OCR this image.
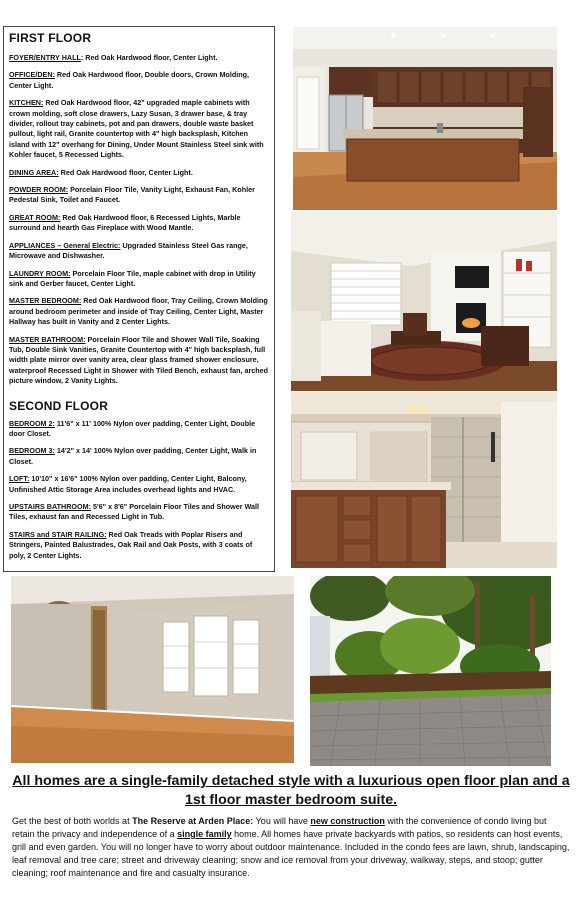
FIRST FLOOR

FOYER/ENTRY HALL: Red Oak Hardwood floor, Center Light.

OFFICE/DEN: Red Oak Hardwood floor, Double doors, Crown Molding, Center Light.

KITCHEN: Red Oak Hardwood floor, 42" upgraded maple cabinets with crown molding, soft close drawers, Lazy Susan, 3 drawer base, & tray divider, rollout tray cabinets, pot and pan drawers, double waste basket pullout, light rail, Granite countertop with 4" high backsplash, Kitchen island with 12" overhang for Dining, Under Mount Stainless Steel sink with Kohler faucet, 5 Recessed Lights.

DINING AREA: Red Oak Hardwood floor, Center Light.

POWDER ROOM: Porcelain Floor Tile, Vanity Light, Exhaust Fan, Kohler Pedestal Sink, Toilet and Faucet.

GREAT ROOM: Red Oak Hardwood floor, 6 Recessed Lights, Marble surround and hearth Gas Fireplace with Wood Mantle.

APPLIANCES – General Electric: Upgraded Stainless Steel Gas range, Microwave and Dishwasher.

LAUNDRY ROOM: Porcelain Floor Tile, maple cabinet with drop in Utility sink and Gerber faucet, Center Light.

MASTER BEDROOM: Red Oak Hardwood floor, Tray Ceiling, Crown Molding around bedroom perimeter and inside of Tray Ceiling, Center Light, Master Hallway has built in Vanity and 2 Center Lights.

MASTER BATHROOM: Porcelain Floor Tile and Shower Wall Tile, Soaking Tub, Double Sink Vanities, Granite Countertop with 4" high backsplash, full width plate mirror over vanity area, clear glass framed shower enclosure, waterproof Recessed Light in Shower with Tiled Bench, exhaust fan, arched picture window, 2 Vanity Lights.

SECOND FLOOR

BEDROOM 2: 11'6" x 11' 100% Nylon over padding, Center Light, Double door Closet.

BEDROOM 3: 14'2" x 14' 100% Nylon over padding, Center Light, Walk in Closet.

LOFT: 10'10" x 16'6" 100% Nylon over padding, Center Light, Balcony, Unfinished Attic Storage Area includes overhead lights and HVAC.

UPSTAIRS BATHROOM: 5'6" x 8'6" Porcelain Floor Tiles and Shower Wall Tiles, exhaust fan and Recessed Light in Tub.

STAIRS and STAIR RAILING: Red Oak Treads with Poplar Risers and Stringers, Painted Balustrades, Oak Rail and Oak Posts, with 3 coats of poly, 2 Center Lights.

All homes are a single-family detached style with a luxurious open floor plan and a
1st floor master bedroom suite.
Get the best of both worlds at The Reserve at Arden Place: You will have new construction with the convenience of condo living but retain the privacy and independence of a single family home. All homes have private backyards with patios, so residents can host events, grill and even garden. You will no longer have to worry about outdoor maintenance. Included in the condo fees are lawn, shrub, landscaping, leaf removal and tree care; street and driveway cleaning; snow and ice removal from your driveway, walkway, steps, and stoop; gutter cleaning; roof maintenance and fire and casualty insurance.
